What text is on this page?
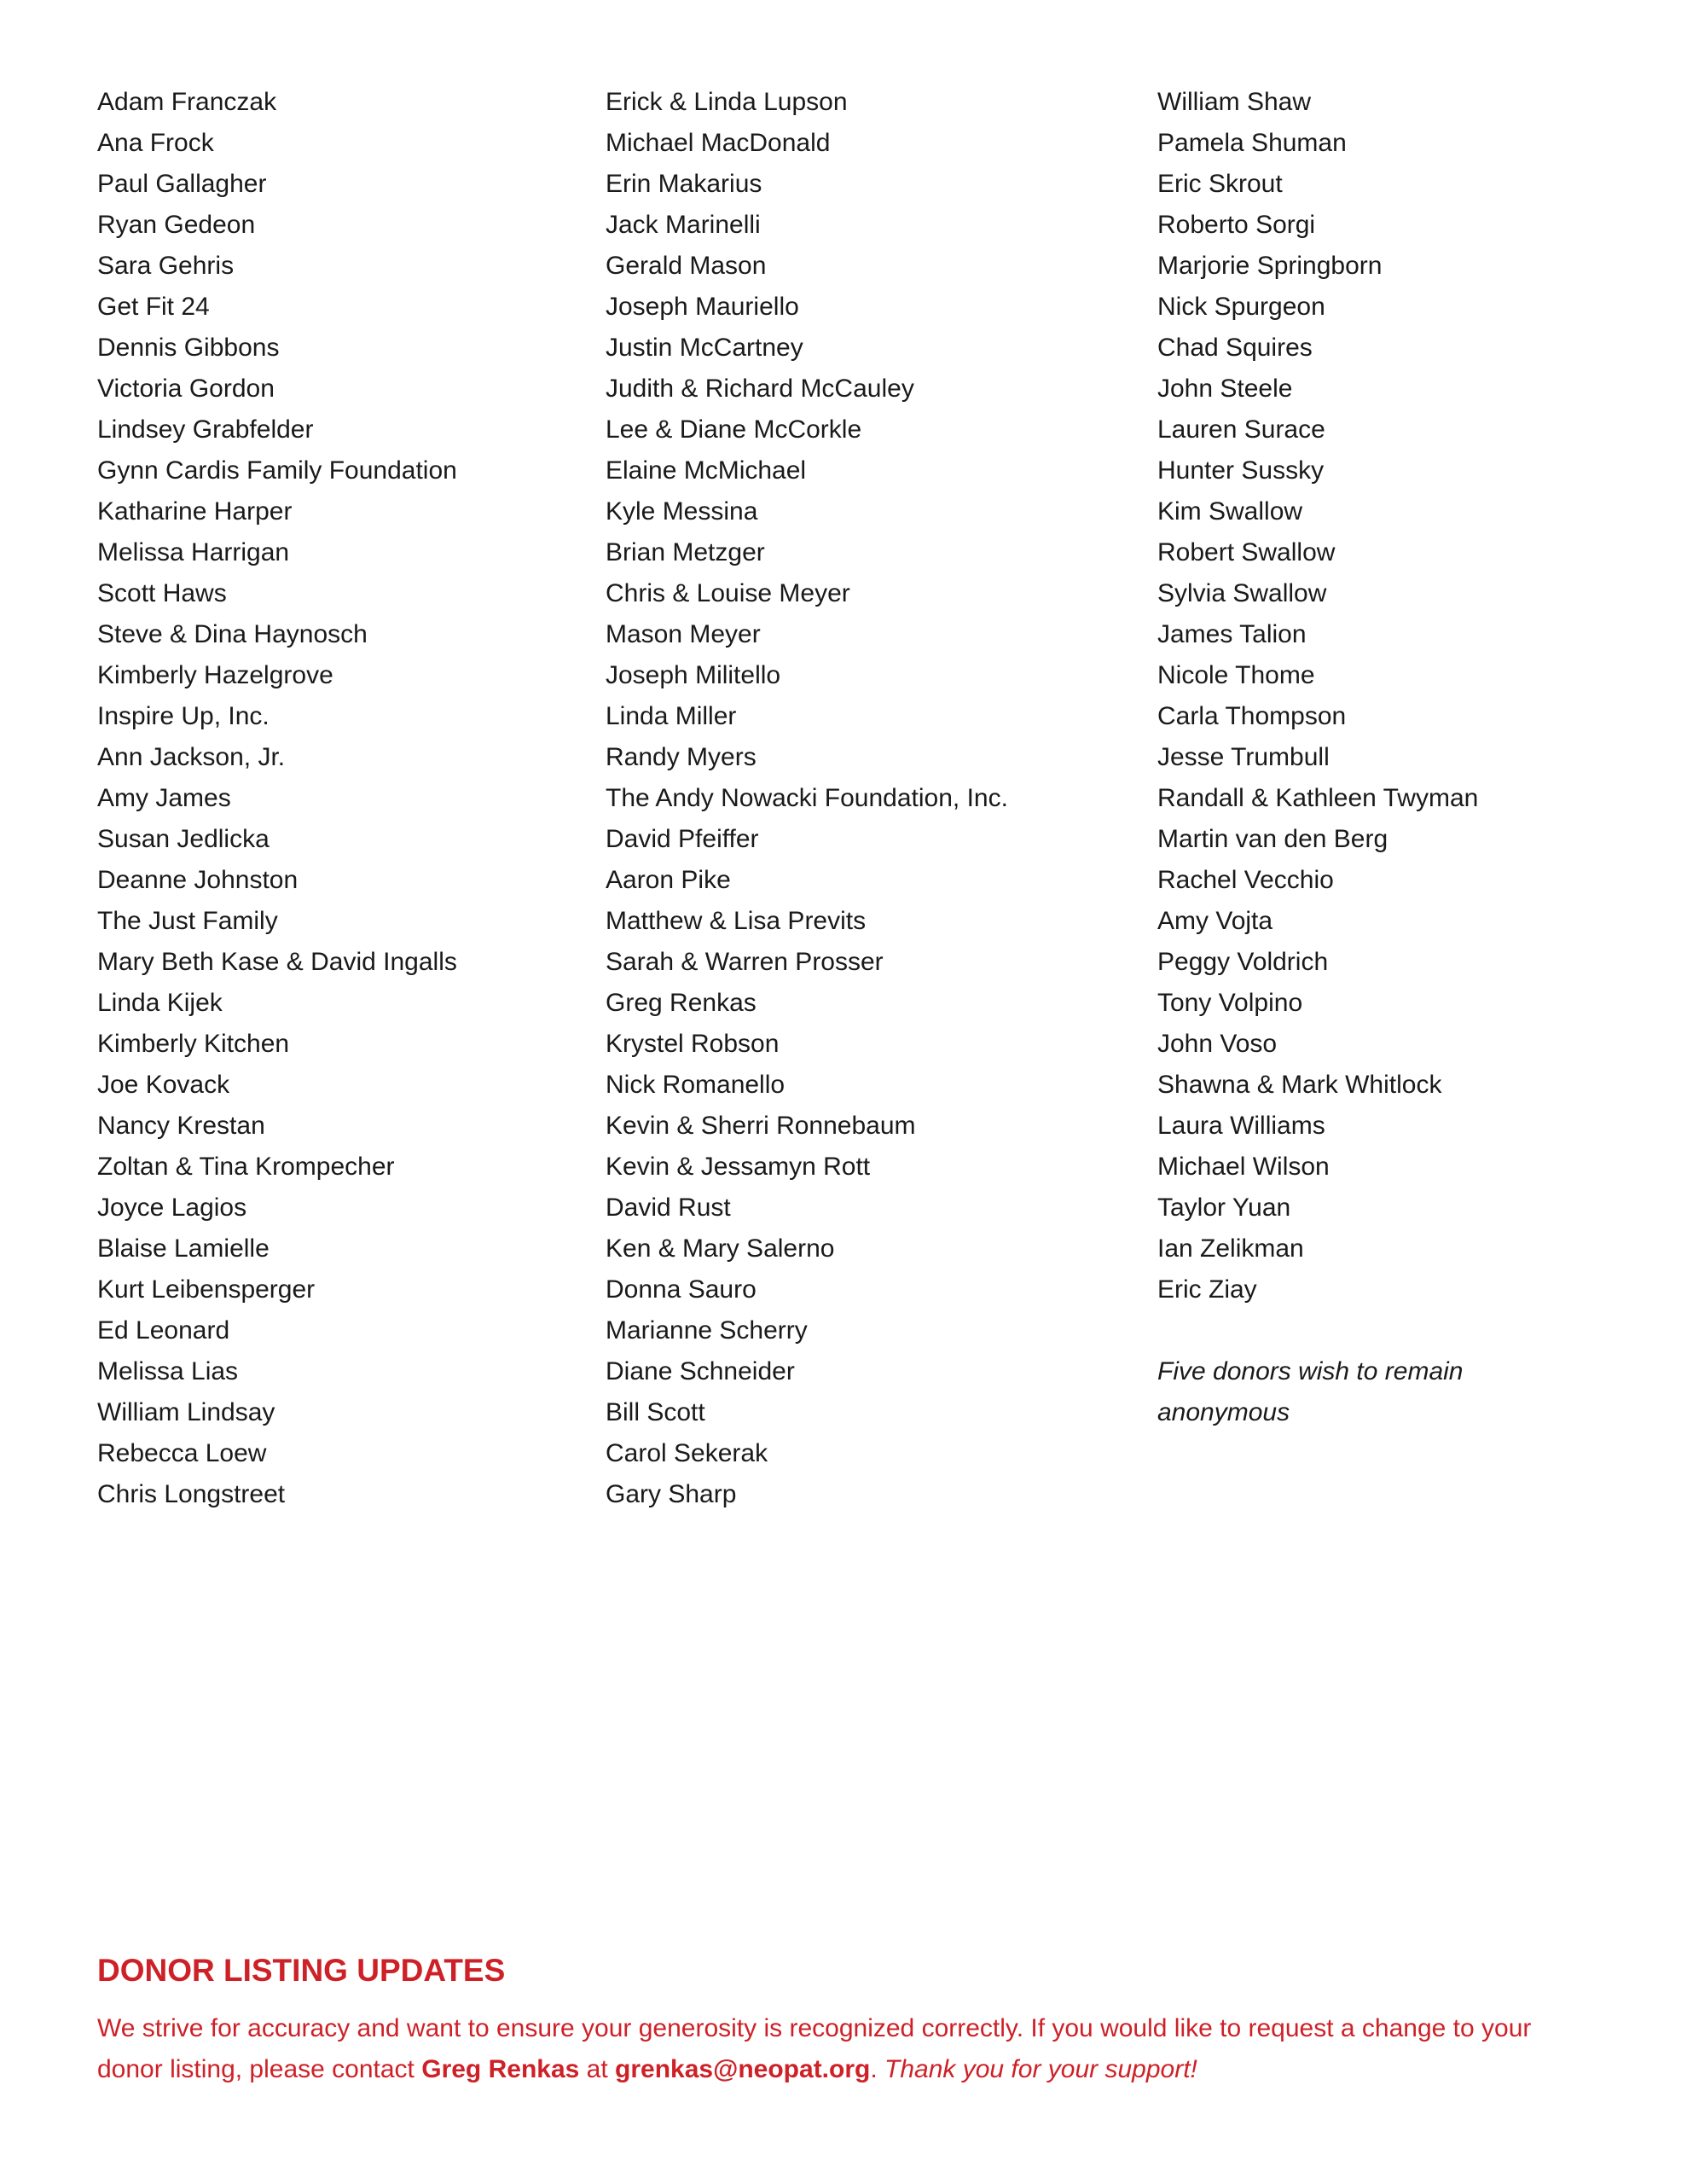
Adam Franczak
Ana Frock
Paul Gallagher
Ryan Gedeon
Sara Gehris
Get Fit 24
Dennis Gibbons
Victoria Gordon
Lindsey Grabfelder
Gynn Cardis Family Foundation
Katharine Harper
Melissa Harrigan
Scott Haws
Steve & Dina Haynosch
Kimberly Hazelgrove
Inspire Up, Inc.
Ann Jackson, Jr.
Amy James
Susan Jedlicka
Deanne Johnston
The Just Family
Mary Beth Kase & David Ingalls
Linda Kijek
Kimberly Kitchen
Joe Kovack
Nancy Krestan
Zoltan & Tina Krompecher
Joyce Lagios
Blaise Lamielle
Kurt Leibensperger
Ed Leonard
Melissa Lias
William Lindsay
Rebecca Loew
Chris Longstreet
Erick & Linda Lupson
Michael MacDonald
Erin Makarius
Jack Marinelli
Gerald Mason
Joseph Mauriello
Justin McCartney
Judith & Richard McCauley
Lee & Diane McCorkle
Elaine McMichael
Kyle Messina
Brian Metzger
Chris & Louise Meyer
Mason Meyer
Joseph Militello
Linda Miller
Randy Myers
The Andy Nowacki Foundation, Inc.
David Pfeiffer
Aaron Pike
Matthew & Lisa Previts
Sarah & Warren Prosser
Greg Renkas
Krystel Robson
Nick Romanello
Kevin & Sherri Ronnebaum
Kevin & Jessamyn Rott
David Rust
Ken & Mary Salerno
Donna Sauro
Marianne Scherry
Diane Schneider
Bill Scott
Carol Sekerak
Gary Sharp
William Shaw
Pamela Shuman
Eric Skrout
Roberto Sorgi
Marjorie Springborn
Nick Spurgeon
Chad Squires
John Steele
Lauren Surace
Hunter Sussky
Kim Swallow
Robert Swallow
Sylvia Swallow
James Talion
Nicole Thome
Carla Thompson
Jesse Trumbull
Randall & Kathleen Twyman
Martin van den Berg
Rachel Vecchio
Amy Vojta
Peggy Voldrich
Tony Volpino
John Voso
Shawna & Mark Whitlock
Laura Williams
Michael Wilson
Taylor Yuan
Ian Zelikman
Eric Ziay
Five donors wish to remain anonymous
DONOR LISTING UPDATES

We strive for accuracy and want to ensure your generosity is recognized correctly. If you would like to request a change to your donor listing, please contact Greg Renkas at grenkas@neopat.org. Thank you for your support!
